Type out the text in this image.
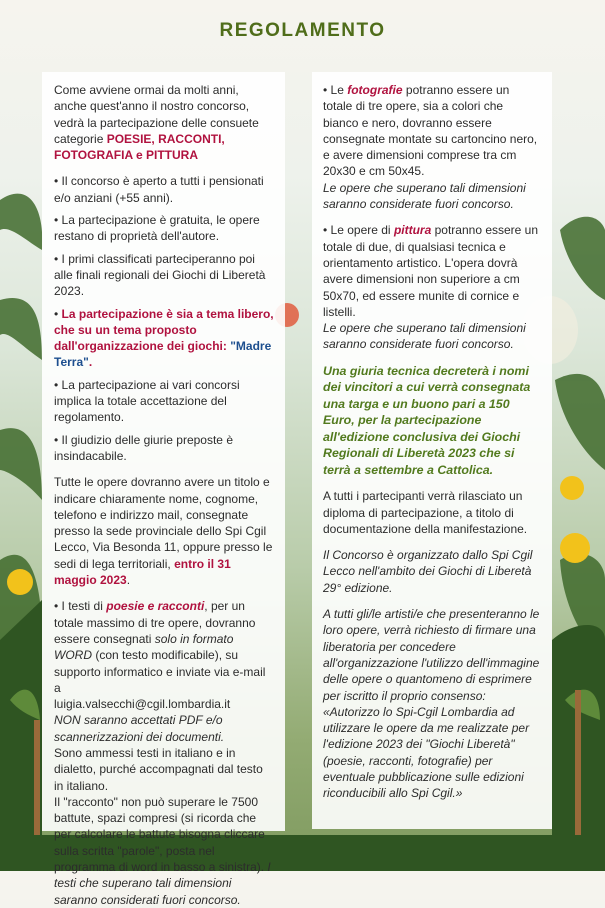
REGOLAMENTO

Come avviene ormai da molti anni, anche quest'anno il nostro concorso, vedrà la partecipazione delle consuete categorie POESIE, RACCONTI, FOTOGRAFIA e PITTURA

• Il concorso è aperto a tutti i pensionati e/o anziani (+55 anni).

• La partecipazione è gratuita, le opere restano di proprietà dell'autore.

• I primi classificati parteciperanno poi alle finali regionali dei Giochi di Liberetà 2023.

• La partecipazione è sia a tema libero, che su un tema proposto dall'organizzazione dei giochi: "Madre Terra".

• La partecipazione ai vari concorsi implica la totale accettazione del regolamento.

• Il giudizio delle giurie preposte è insindacabile.

Tutte le opere dovranno avere un titolo e indicare chiaramente nome, cognome, telefono e indirizzo mail, consegnate presso la sede provinciale dello Spi Cgil Lecco, Via Besonda 11, oppure presso le sedi di lega territoriali, entro il 31 maggio 2023.

• I testi di poesie e racconti, per un totale massimo di tre opere, dovranno essere consegnati solo in formato WORD (con testo modificabile), su supporto informatico e inviate via e-mail a

luigia.valsecchi@cgil.lombardia.it

NON saranno accettati PDF e/o scannerizzazioni dei documenti.

Sono ammessi testi in italiano e in dialetto, purché accompagnati dal testo in italiano.

Il "racconto" non può superare le 7500 battute, spazi compresi (si ricorda che per calcolare le battute bisogna cliccare sulla scritta "parole", posta nel programma di word in basso a sinistra). I testi che superano tali dimensioni saranno considerati fuori concorso.

• Le fotografie potranno essere un totale di tre opere, sia a colori che bianco e nero, dovranno essere consegnate montate su cartoncino nero, e avere dimensioni comprese tra cm 20x30 e cm 50x45.

Le opere che superano tali dimensioni saranno considerate fuori concorso.

• Le opere di pittura potranno essere un totale di due, di qualsiasi tecnica e orientamento artistico. L'opera dovrà avere dimensioni non superiore a cm 50x70, ed essere munite di cornice e listelli.

Le opere che superano tali dimensioni saranno considerate fuori concorso.

Una giuria tecnica decreterà i nomi dei vincitori a cui verrà consegnata una targa e un buono pari a 150 Euro, per la partecipazione all'edizione conclusiva dei Giochi Regionali di Liberetà 2023 che si terrà a settembre a Cattolica.

A tutti i partecipanti verrà rilasciato un diploma di partecipazione, a titolo di documentazione della manifestazione.

Il Concorso è organizzato dallo Spi Cgil Lecco nell'ambito dei Giochi di Liberetà 29° edizione.

A tutti gli/le artisti/e che presenteranno le loro opere, verrà richiesto di firmare una liberatoria per concedere all'organizzazione l'utilizzo dell'immagine delle opere o quantomeno di esprimere per iscritto il proprio consenso:

«Autorizzo lo Spi-Cgil Lombardia ad utilizzare le opere da me realizzate per l'edizione 2023 dei "Giochi Liberetà" (poesie, racconti, fotografie) per eventuale pubblicazione sulle edizioni riconducibili allo Spi Cgil.»
